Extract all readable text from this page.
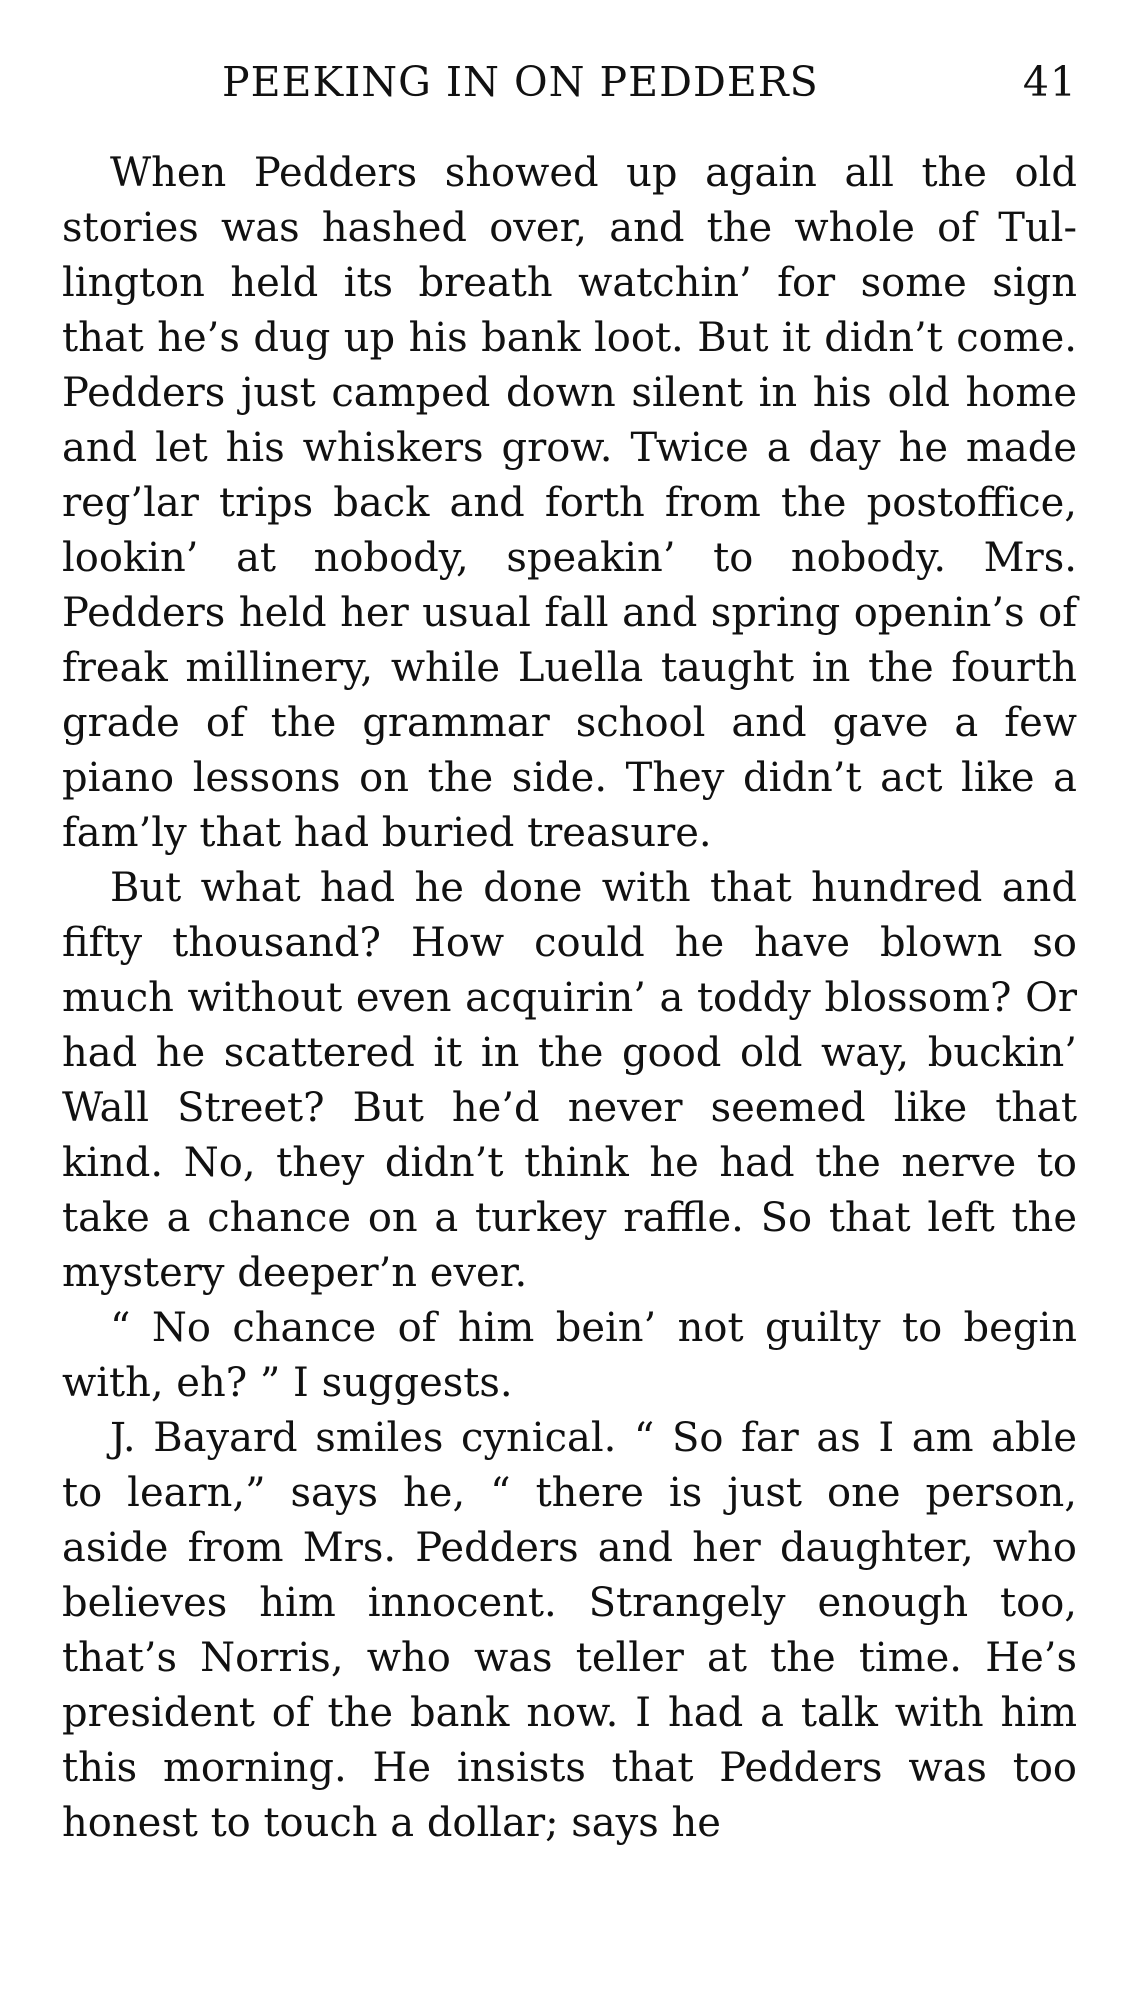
PEEKING IN ON PEDDERS	41

When Pedders showed up again all the old stories was hashed over, and the whole of Tullington held its breath watchin’ for some sign that he’s dug up his bank loot. But it didn’t come. Pedders just camped down silent in his old home and let his whiskers grow. Twice a day he made reg’lar trips back and forth from the postoffice, lookin’ at nobody, speakin’ to nobody. Mrs. Pedders held her usual fall and spring openin’s of freak millinery, while Luella taught in the fourth grade of the grammar school and gave a few piano lessons on the side. They didn’t act like a fam’ly that had buried treasure.

But what had he done with that hundred and fifty thousand? How could he have blown so much without even acquirin’ a toddy blossom? Or had he scattered it in the good old way, buckin’ Wall Street? But he’d never seemed like that kind. No, they didn’t think he had the nerve to take a chance on a turkey raffle. So that left the mystery deeper’n ever.

“ No chance of him bein’ not guilty to begin with, eh? ” I suggests.

J. Bayard smiles cynical. “ So far as I am able to learn,” says he, “ there is just one person, aside from Mrs. Pedders and her daughter, who believes him innocent. Strangely enough too, that’s Norris, who was teller at the time. He’s president of the bank now. I had a talk with him this morning. He insists that Pedders was too honest to touch a dollar; says he
